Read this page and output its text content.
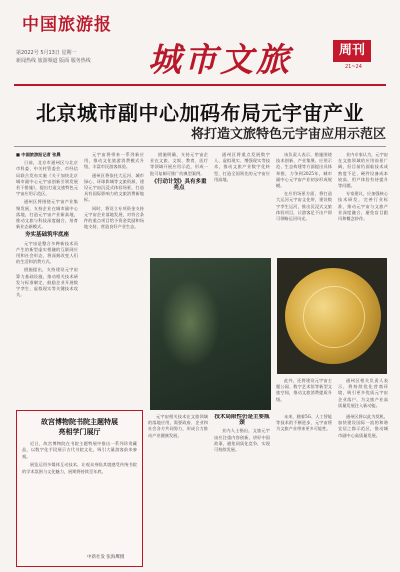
中国旅游报
第2022号 5月13日 星期一
新闻热线 旅游频道 版面 服务热线 城市文旅	周刊
21~24
北京城市副中心加码布局元宇宙产业
将打造文旅特色元宇宙应用示范区

■ 中国旅游报记者 张晨

日前，北京市通州区与北京市科委、中关村管委会、市经信局联合发布实施《关于加快北京城市副中心元宇宙创新引领发展若干措施》，提出打造文旅特色元宇宙应用示范区。

通州区将围绕元宇宙产业集聚发展，支持企业在城市副中心落地，打造元宇宙产业新高地，推动文旅与科技深度融合，培育新业态新模式。

夯实基础筑牢底座

元宇宙是整合多种新技术而产生的新型虚实相融的互联网应用和社会形态，将深刻改变人们的生活和消费方式。

措施提出，支持建设元宇宙算力基础设施，推动相关技术研发与标准制定，鼓励企业开展数字孪生、虚拟现实等关键技术攻关。

元宇宙将带来一系列新应用，推动文化旅游消费模式升级，丰富市民游客体验。

通州区将依托大运河、城市绿心、环球影城等文旅资源，建设元宇宙沉浸式体验场景，打造具有国际影响力的文旅消费新地标。

同时，将设立专项资金支持元宇宙企业落地发展，对符合条件的重点项目给予资金奖励和场地支持，营造良好产业生态。

措施明确，支持元宇宙企业在文旅、文娱、教育、医疗等领域开展应用示范，形成一批可复制可推广的典型案例。

《行动计划》具有多重亮点

通州区将重点发展数字人、虚拟现实、增强现实等技术，推动文旅产业数字化转型，打造全国领先的元宇宙应用高地。

该负责人表示，措施围绕技术创新、产业集聚、应用示范、生态构建等方面提出具体举措，力争到2025年，城市副中心元宇宙产业初步形成规模。

在应用场景方面，将打造大运河元宇宙文化带，建设数字孪生运河，推出沉浸式文旅体验项目，让游客足不出户即可领略运河风光。

业内专家认为，元宇宙在文旅领域的应用前景广阔，但目前仍面临技术成熟度不足、硬件设备成本较高、用户体验有待提升等问题。

专家建议，应加强核心技术研发，完善行业标准，推动元宇宙与文旅产业深度融合，避免盲目跟风和概念炒作。

此外，还将建设元宇宙主题公园、数字艺术馆等新型文旅空间，推动文旅消费提质升级。

通州区相关负责人表示，将持续优化营商环境，吸引更多优质元宇宙企业落户，为文旅产业高质量发展注入新动能。

故宫博物院书院主题特展
亮相学门展厅

近日，故宫博物院在书院主题特展中推出一系列珍贵藏品，以数字化手段展示古代书院文化，吸引大量游客前来参观。

展览运用多媒体互动技术，让观众身临其境感受传统书院的学术氛围与文化魅力，展期将持续至年底。

中新社发 张海鹰摄

元宇宙相关技术在文旅领域的落地应用，需要政府、企业和社会各方共同努力，形成合力推动产业健康发展。

技术局限性仍是主要瓶颈

业内人士指出，文旅元宇宙应注重内容创新，讲好中国故事，避免同质化竞争，实现可持续发展。

未来，随着5G、人工智能等技术的不断进步，元宇宙将为文旅产业带来更多可能性。

通州区将以此为契机，加快建设国际一流的和谐宜居之都示范区，推动城市副中心高质量发展。
